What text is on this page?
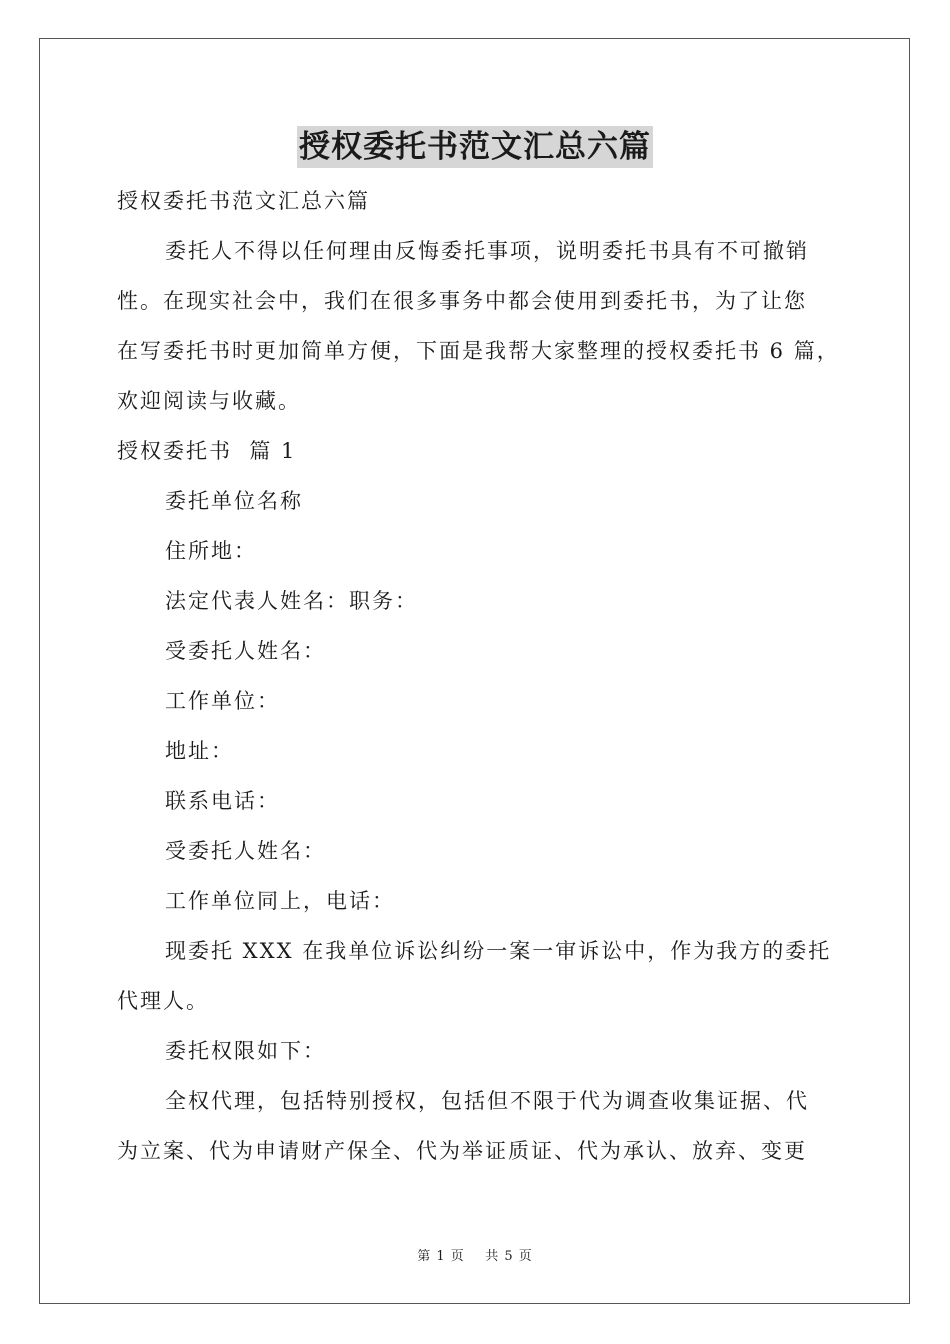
授权委托书范文汇总六篇
授权委托书范文汇总六篇
委托人不得以任何理由反悔委托事项，说明委托书具有不可撤销
性。在现实社会中，我们在很多事务中都会使用到委托书，为了让您
在写委托书时更加简单方便，下面是我帮大家整理的授权委托书 6 篇，
欢迎阅读与收藏。
授权委托书  篇 1
委托单位名称
住所地：
法定代表人姓名：职务：
受委托人姓名：
工作单位：
地址：
联系电话：
受委托人姓名：
工作单位同上，电话：
现委托 XXX 在我单位诉讼纠纷一案一审诉讼中，作为我方的委托
代理人。
委托权限如下：
全权代理，包括特别授权，包括但不限于代为调查收集证据、代
为立案、代为申请财产保全、代为举证质证、代为承认、放弃、变更
第 1 页    共 5 页
